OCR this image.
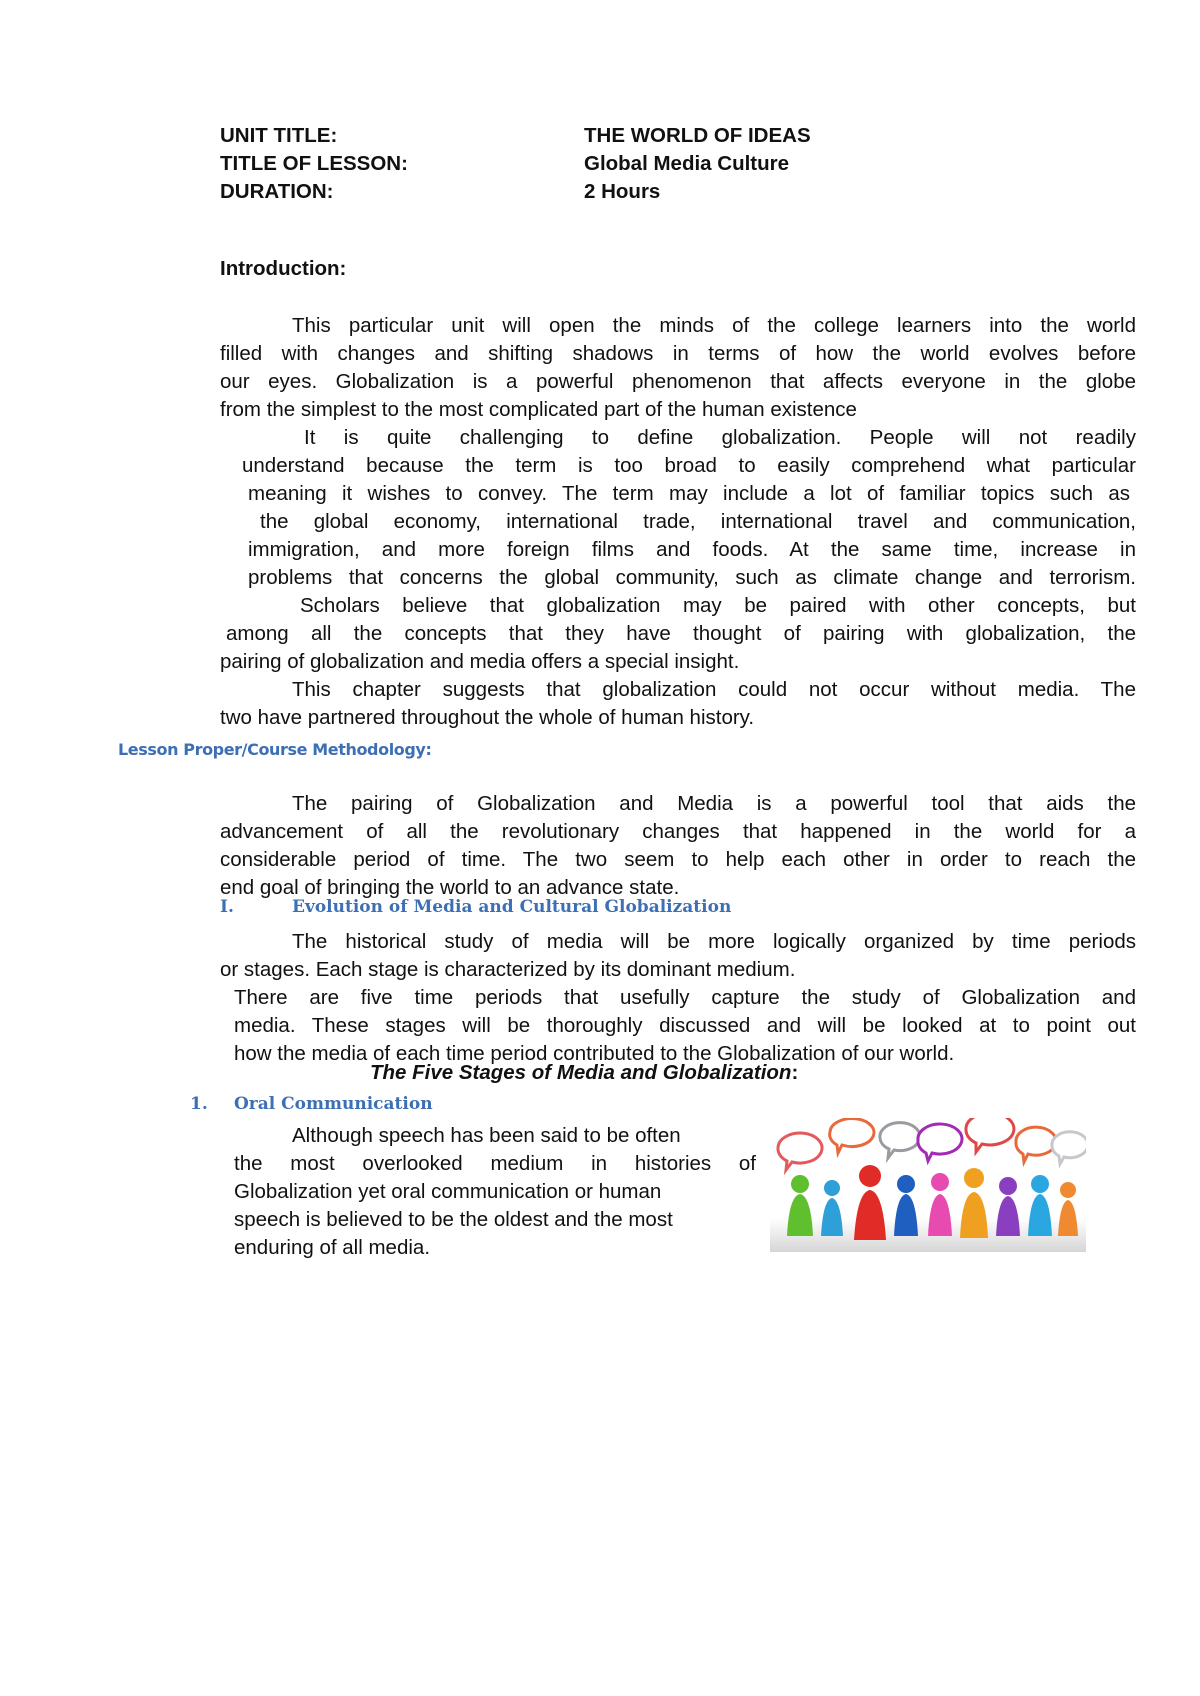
UNIT TITLE:	THE WORLD OF IDEAS
TITLE OF LESSON:	Global Media Culture
DURATION:	2 Hours
Introduction:
This particular unit will open the minds of the college learners into the world
filled with changes and shifting shadows in terms of how the world evolves before
our eyes. Globalization is a powerful phenomenon that affects everyone in the globe
from the simplest to the most complicated part of the human existence
It is quite challenging to define globalization. People will not readily
understand because the term is too broad to easily comprehend what particular
meaning it wishes to convey. The term may include a lot of familiar topics such as
the global economy, international trade, international travel and communication,
immigration, and more foreign films and foods. At the same time, increase in
problems that concerns the global community, such as climate change and terrorism.
Scholars believe that globalization may be paired with other concepts, but
among all the concepts that they have thought of pairing with globalization, the
pairing of globalization and media offers a special insight.
This chapter suggests that globalization could not occur without media. The
two have partnered throughout the whole of human history.
Lesson Proper/Course Methodology:
The pairing of Globalization and Media is a powerful tool that aids the
advancement of all the revolutionary changes that happened in the world for a
considerable period of time. The two seem to help each other in order to reach the
end goal of bringing the world to an advance state.
I.	Evolution of Media and Cultural Globalization
The historical study of media will be more logically organized by time periods
or stages. Each stage is characterized by its dominant medium.
There are five time periods that usefully capture the study of Globalization and
media. These stages will be thoroughly discussed and will be looked at to point out
how the media of each time period contributed to the Globalization of our world.
The Five Stages of Media and Globalization:
1. Oral Communication
Although speech has been said to be often
the most overlooked medium in histories of
Globalization yet oral communication or human
speech is believed to be the oldest and the most
enduring of all media.
